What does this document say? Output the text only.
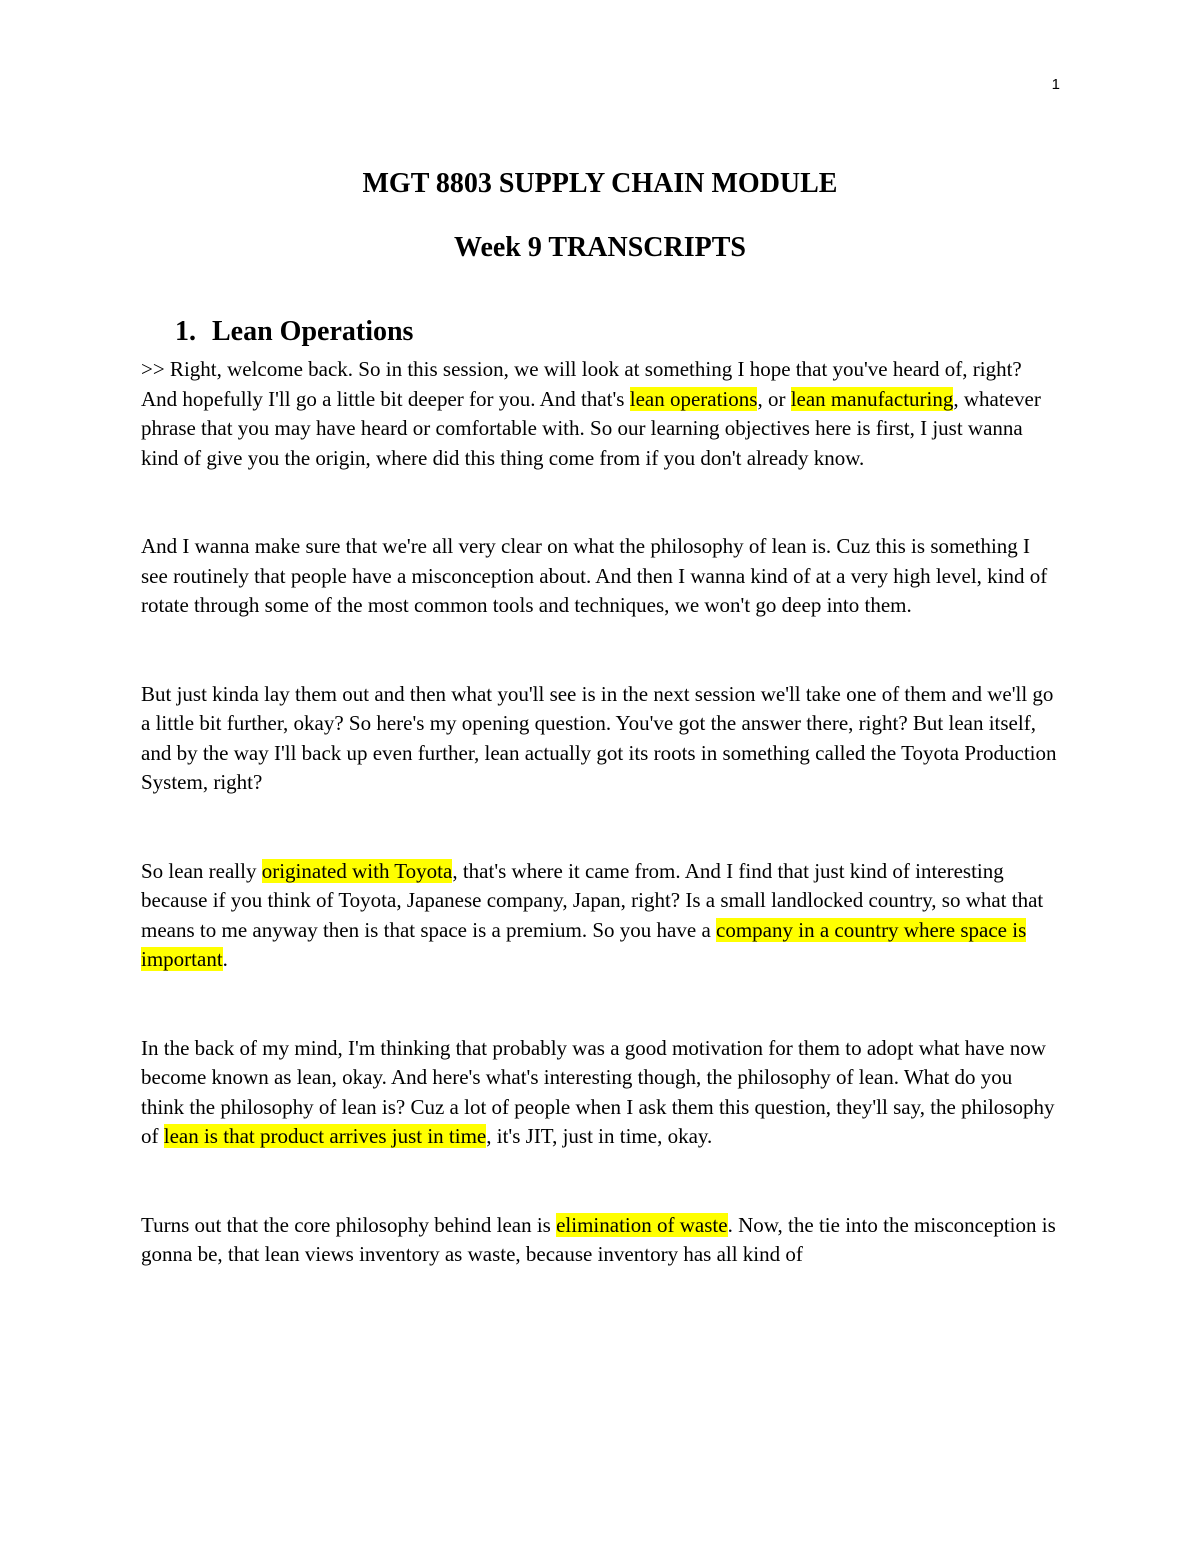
1
MGT 8803 SUPPLY CHAIN MODULE
Week 9 TRANSCRIPTS
1. Lean Operations

>> Right, welcome back. So in this session, we will look at something I hope that you've heard of, right? And hopefully I'll go a little bit deeper for you. And that's lean operations, or lean manufacturing, whatever phrase that you may have heard or comfortable with. So our learning objectives here is first, I just wanna kind of give you the origin, where did this thing come from if you don't already know.

And I wanna make sure that we're all very clear on what the philosophy of lean is. Cuz this is something I see routinely that people have a misconception about. And then I wanna kind of at a very high level, kind of rotate through some of the most common tools and techniques, we won't go deep into them.

But just kinda lay them out and then what you'll see is in the next session we'll take one of them and we'll go a little bit further, okay? So here's my opening question. You've got the answer there, right? But lean itself, and by the way I'll back up even further, lean actually got its roots in something called the Toyota Production System, right?

So lean really originated with Toyota, that's where it came from. And I find that just kind of interesting because if you think of Toyota, Japanese company, Japan, right? Is a small landlocked country, so what that means to me anyway then is that space is a premium. So you have a company in a country where space is important.

In the back of my mind, I'm thinking that probably was a good motivation for them to adopt what have now become known as lean, okay. And here's what's interesting though, the philosophy of lean. What do you think the philosophy of lean is? Cuz a lot of people when I ask them this question, they'll say, the philosophy of lean is that product arrives just in time, it's JIT, just in time, okay.

Turns out that the core philosophy behind lean is elimination of waste. Now, the tie into the misconception is gonna be, that lean views inventory as waste, because inventory has all kind of
